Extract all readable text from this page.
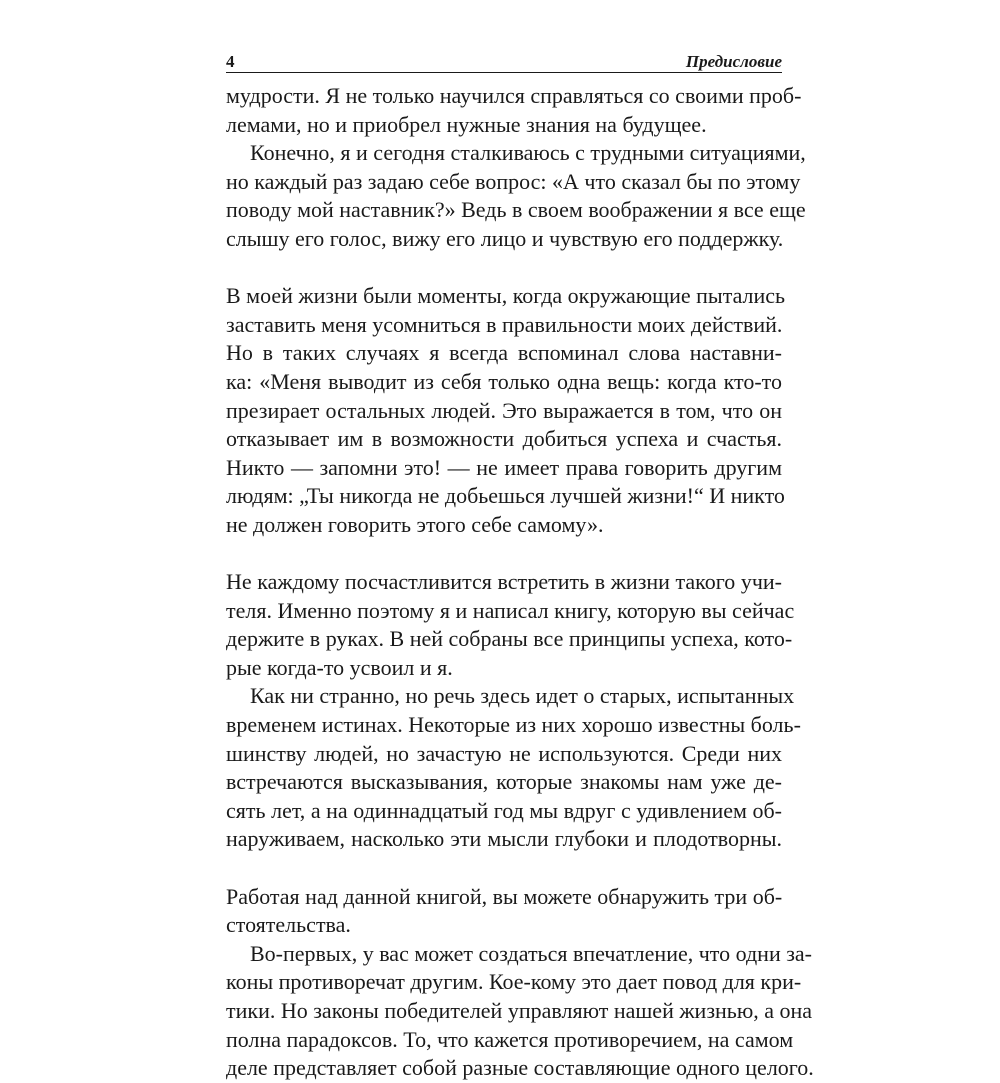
4	Предисловие
мудрости. Я не только научился справляться со своими проб-
лемами, но и приобрел нужные знания на будущее.
Конечно, я и сегодня сталкиваюсь с трудными ситуациями,
но каждый раз задаю себе вопрос: «А что сказал бы по этому
поводу мой наставник?» Ведь в своем воображении я все еще
слышу его голос, вижу его лицо и чувствую его поддержку.
В моей жизни были моменты, когда окружающие пытались
заставить меня усомниться в правильности моих действий.
Но в таких случаях я всегда вспоминал слова наставни-
ка: «Меня выводит из себя только одна вещь: когда кто-то
презирает остальных людей. Это выражается в том, что он
отказывает им в возможности добиться успеха и счастья.
Никто — запомни это! — не имеет права говорить другим
людям: „Ты никогда не добьешься лучшей жизни!“ И никто
не должен говорить этого себе самому».
Не каждому посчастливится встретить в жизни такого учи-
теля. Именно поэтому я и написал книгу, которую вы сейчас
держите в руках. В ней собраны все принципы успеха, кото-
рые когда-то усвоил и я.
Как ни странно, но речь здесь идет о старых, испытанных
временем истинах. Некоторые из них хорошо известны боль-
шинству людей, но зачастую не используются. Среди них
встречаются высказывания, которые знакомы нам уже де-
сять лет, а на одиннадцатый год мы вдруг с удивлением об-
наруживаем, насколько эти мысли глубоки и плодотворны.
Работая над данной книгой, вы можете обнаружить три об-
стоятельства.
Во-первых, у вас может создаться впечатление, что одни за-
коны противоречат другим. Кое-кому это дает повод для кри-
тики. Но законы победителей управляют нашей жизнью, а она
полна парадоксов. То, что кажется противоречием, на самом
деле представляет собой разные составляющие одного целого.
